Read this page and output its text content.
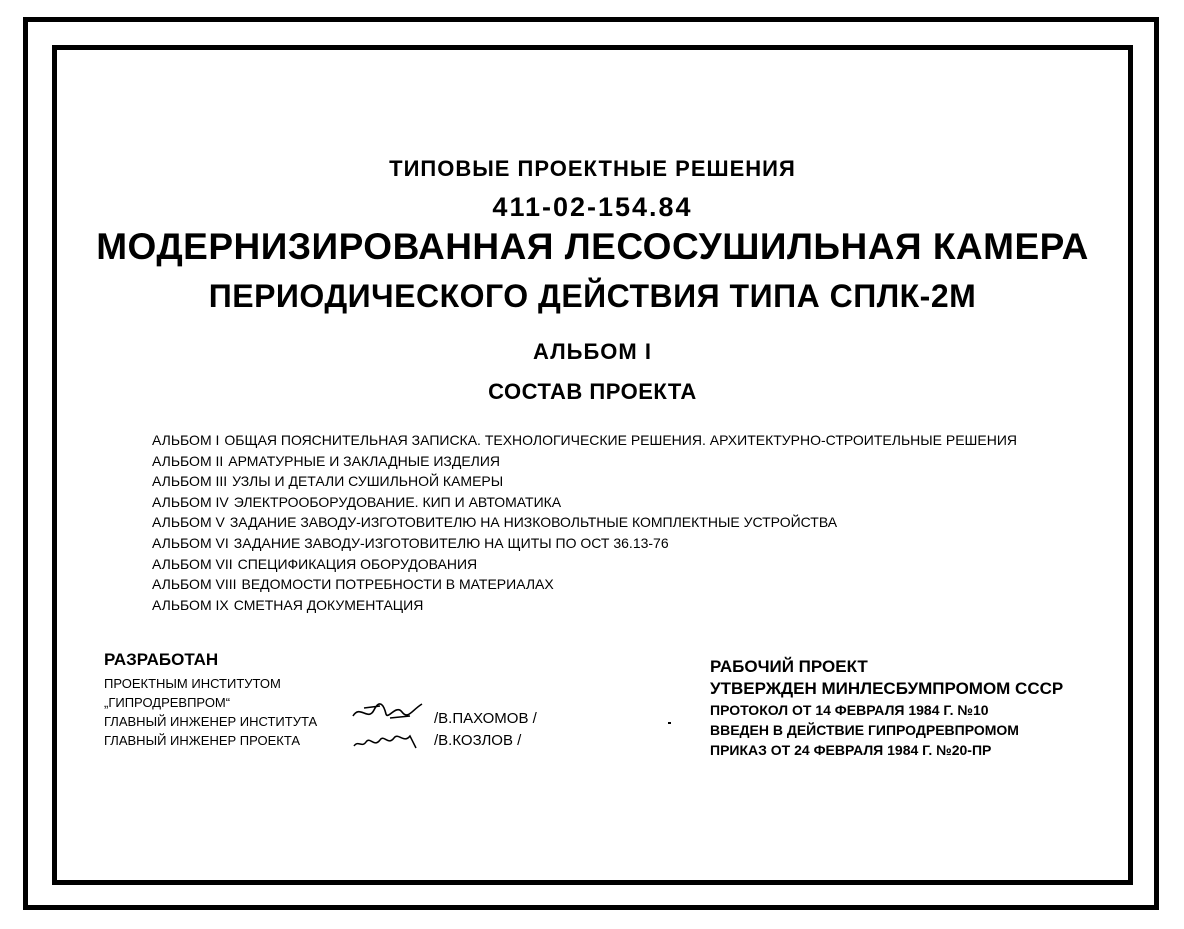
ТИПОВЫЕ ПРОЕКТНЫЕ РЕШЕНИЯ
411-02-154.84
МОДЕРНИЗИРОВАННАЯ ЛЕСОСУШИЛЬНАЯ КАМЕРА
ПЕРИОДИЧЕСКОГО ДЕЙСТВИЯ ТИПА СПЛК-2М
АЛЬБОМ I
СОСТАВ ПРОЕКТА
АЛЬБОМ I ОБЩАЯ ПОЯСНИТЕЛЬНАЯ ЗАПИСКА. ТЕХНОЛОГИЧЕСКИЕ РЕШЕНИЯ. АРХИТЕКТУРНО-СТРОИТЕЛЬНЫЕ РЕШЕНИЯ
АЛЬБОМ II АРМАТУРНЫЕ И ЗАКЛАДНЫЕ ИЗДЕЛИЯ
АЛЬБОМ III УЗЛЫ И ДЕТАЛИ СУШИЛЬНОЙ КАМЕРЫ
АЛЬБОМ IV ЭЛЕКТРООБОРУДОВАНИЕ. КИП И АВТОМАТИКА
АЛЬБОМ V ЗАДАНИЕ ЗАВОДУ-ИЗГОТОВИТЕЛЮ НА НИЗКОВОЛЬТНЫЕ КОМПЛЕКТНЫЕ УСТРОЙСТВА
АЛЬБОМ VI ЗАДАНИЕ ЗАВОДУ-ИЗГОТОВИТЕЛЮ НА ЩИТЫ ПО ОСТ 36.13-76
АЛЬБОМ VII СПЕЦИФИКАЦИЯ ОБОРУДОВАНИЯ
АЛЬБОМ VIII ВЕДОМОСТИ ПОТРЕБНОСТИ В МАТЕРИАЛАХ
АЛЬБОМ IX СМЕТНАЯ ДОКУМЕНТАЦИЯ
РАЗРАБОТАН
ПРОЕКТНЫМ ИНСТИТУТОМ
„ГИПРОДРЕВПРОМ“
ГЛАВНЫЙ ИНЖЕНЕР ИНСТИТУТА
ГЛАВНЫЙ ИНЖЕНЕР ПРОЕКТА
/В.ПАХОМОВ /
/В.КОЗЛОВ /
РАБОЧИЙ ПРОЕКТ
УТВЕРЖДЕН МИНЛЕСБУМПРОМОМ СССР
ПРОТОКОЛ ОТ 14 ФЕВРАЛЯ 1984 Г. №10
ВВЕДЕН В ДЕЙСТВИЕ ГИПРОДРЕВПРОМОМ
ПРИКАЗ ОТ 24 ФЕВРАЛЯ 1984 Г. №20-ПР
